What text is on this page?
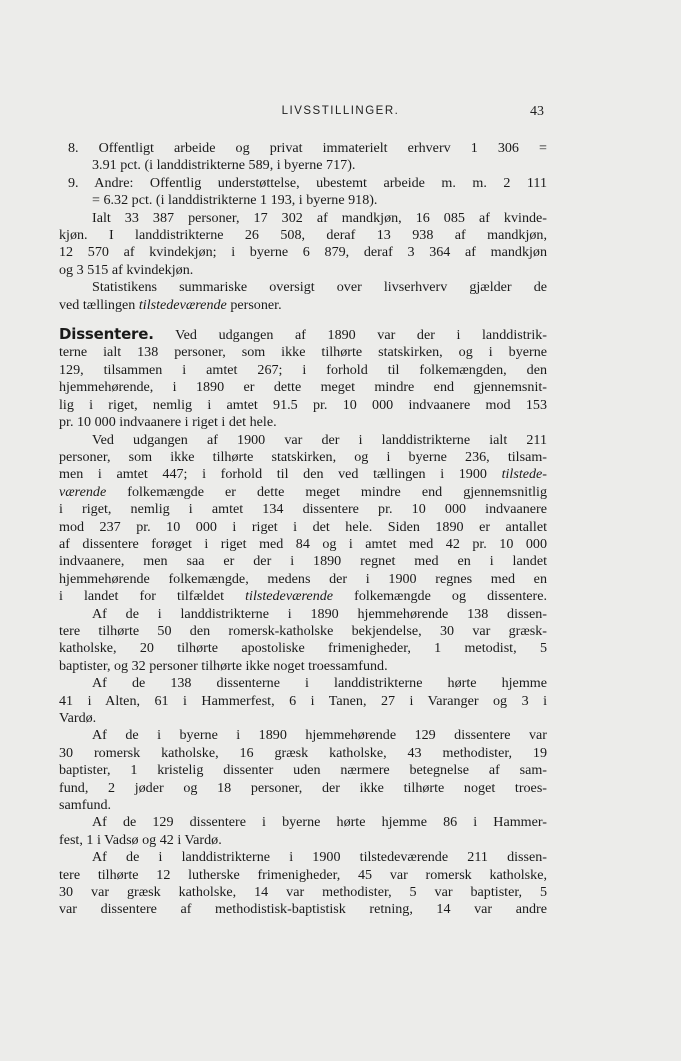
LIVSSTILLINGER.	43
8. Offentligt arbeide og privat immaterielt erhverv 1 306 =
3.91 pct. (i landdistrikterne 589, i byerne 717).
9. Andre: Offentlig understøttelse, ubestemt arbeide m. m. 2 111
= 6.32 pct. (i landdistrikterne 1 193, i byerne 918).
Ialt 33 387 personer, 17 302 af mandkjøn, 16 085 af kvinde-
kjøn. I landdistrikterne 26 508, deraf 13 938 af mandkjøn,
12 570 af kvindekjøn; i byerne 6 879, deraf 3 364 af mandkjøn
og 3 515 af kvindekjøn.
Statistikens summariske oversigt over livserhverv gjælder de
ved tællingen tilstedeværende personer.
Dissentere. Ved udgangen af 1890 var der i landdistrik-
terne ialt 138 personer, som ikke tilhørte statskirken, og i byerne
129, tilsammen i amtet 267; i forhold til folkemængden, den
hjemmehørende, i 1890 er dette meget mindre end gjennemsnit-
lig i riget, nemlig i amtet 91.5 pr. 10 000 indvaanere mod 153
pr. 10 000 indvaanere i riget i det hele.
Ved udgangen af 1900 var der i landdistrikterne ialt 211
personer, som ikke tilhørte statskirken, og i byerne 236, tilsam-
men i amtet 447; i forhold til den ved tællingen i 1900 tilstede-
værende folkemængde er dette meget mindre end gjennemsnitlig
i riget, nemlig i amtet 134 dissentere pr. 10 000 indvaanere
mod 237 pr. 10 000 i riget i det hele. Siden 1890 er antallet
af dissentere forøget i riget med 84 og i amtet med 42 pr. 10 000
indvaanere, men saa er der i 1890 regnet med en i landet
hjemmehørende folkemængde, medens der i 1900 regnes med en
i landet for tilfældet tilstedeværende folkemængde og dissentere.
Af de i landdistrikterne i 1890 hjemmehørende 138 dissen-
tere tilhørte 50 den romersk-katholske bekjendelse, 30 var græsk-
katholske, 20 tilhørte apostoliske frimenigheder, 1 metodist, 5
baptister, og 32 personer tilhørte ikke noget troessamfund.
Af de 138 dissenterne i landdistrikterne hørte hjemme
41 i Alten, 61 i Hammerfest, 6 i Tanen, 27 i Varanger og 3 i
Vardø.
Af de i byerne i 1890 hjemmehørende 129 dissentere var
30 romersk katholske, 16 græsk katholske, 43 methodister, 19
baptister, 1 kristelig dissenter uden nærmere betegnelse af sam-
fund, 2 jøder og 18 personer, der ikke tilhørte noget troes-
samfund.
Af de 129 dissentere i byerne hørte hjemme 86 i Hammer-
fest, 1 i Vadsø og 42 i Vardø.
Af de i landdistrikterne i 1900 tilstedeværende 211 dissen-
tere tilhørte 12 lutherske frimenigheder, 45 var romersk katholske,
30 var græsk katholske, 14 var methodister, 5 var baptister, 5
var dissentere af methodistisk-baptistisk retning, 14 var andre
